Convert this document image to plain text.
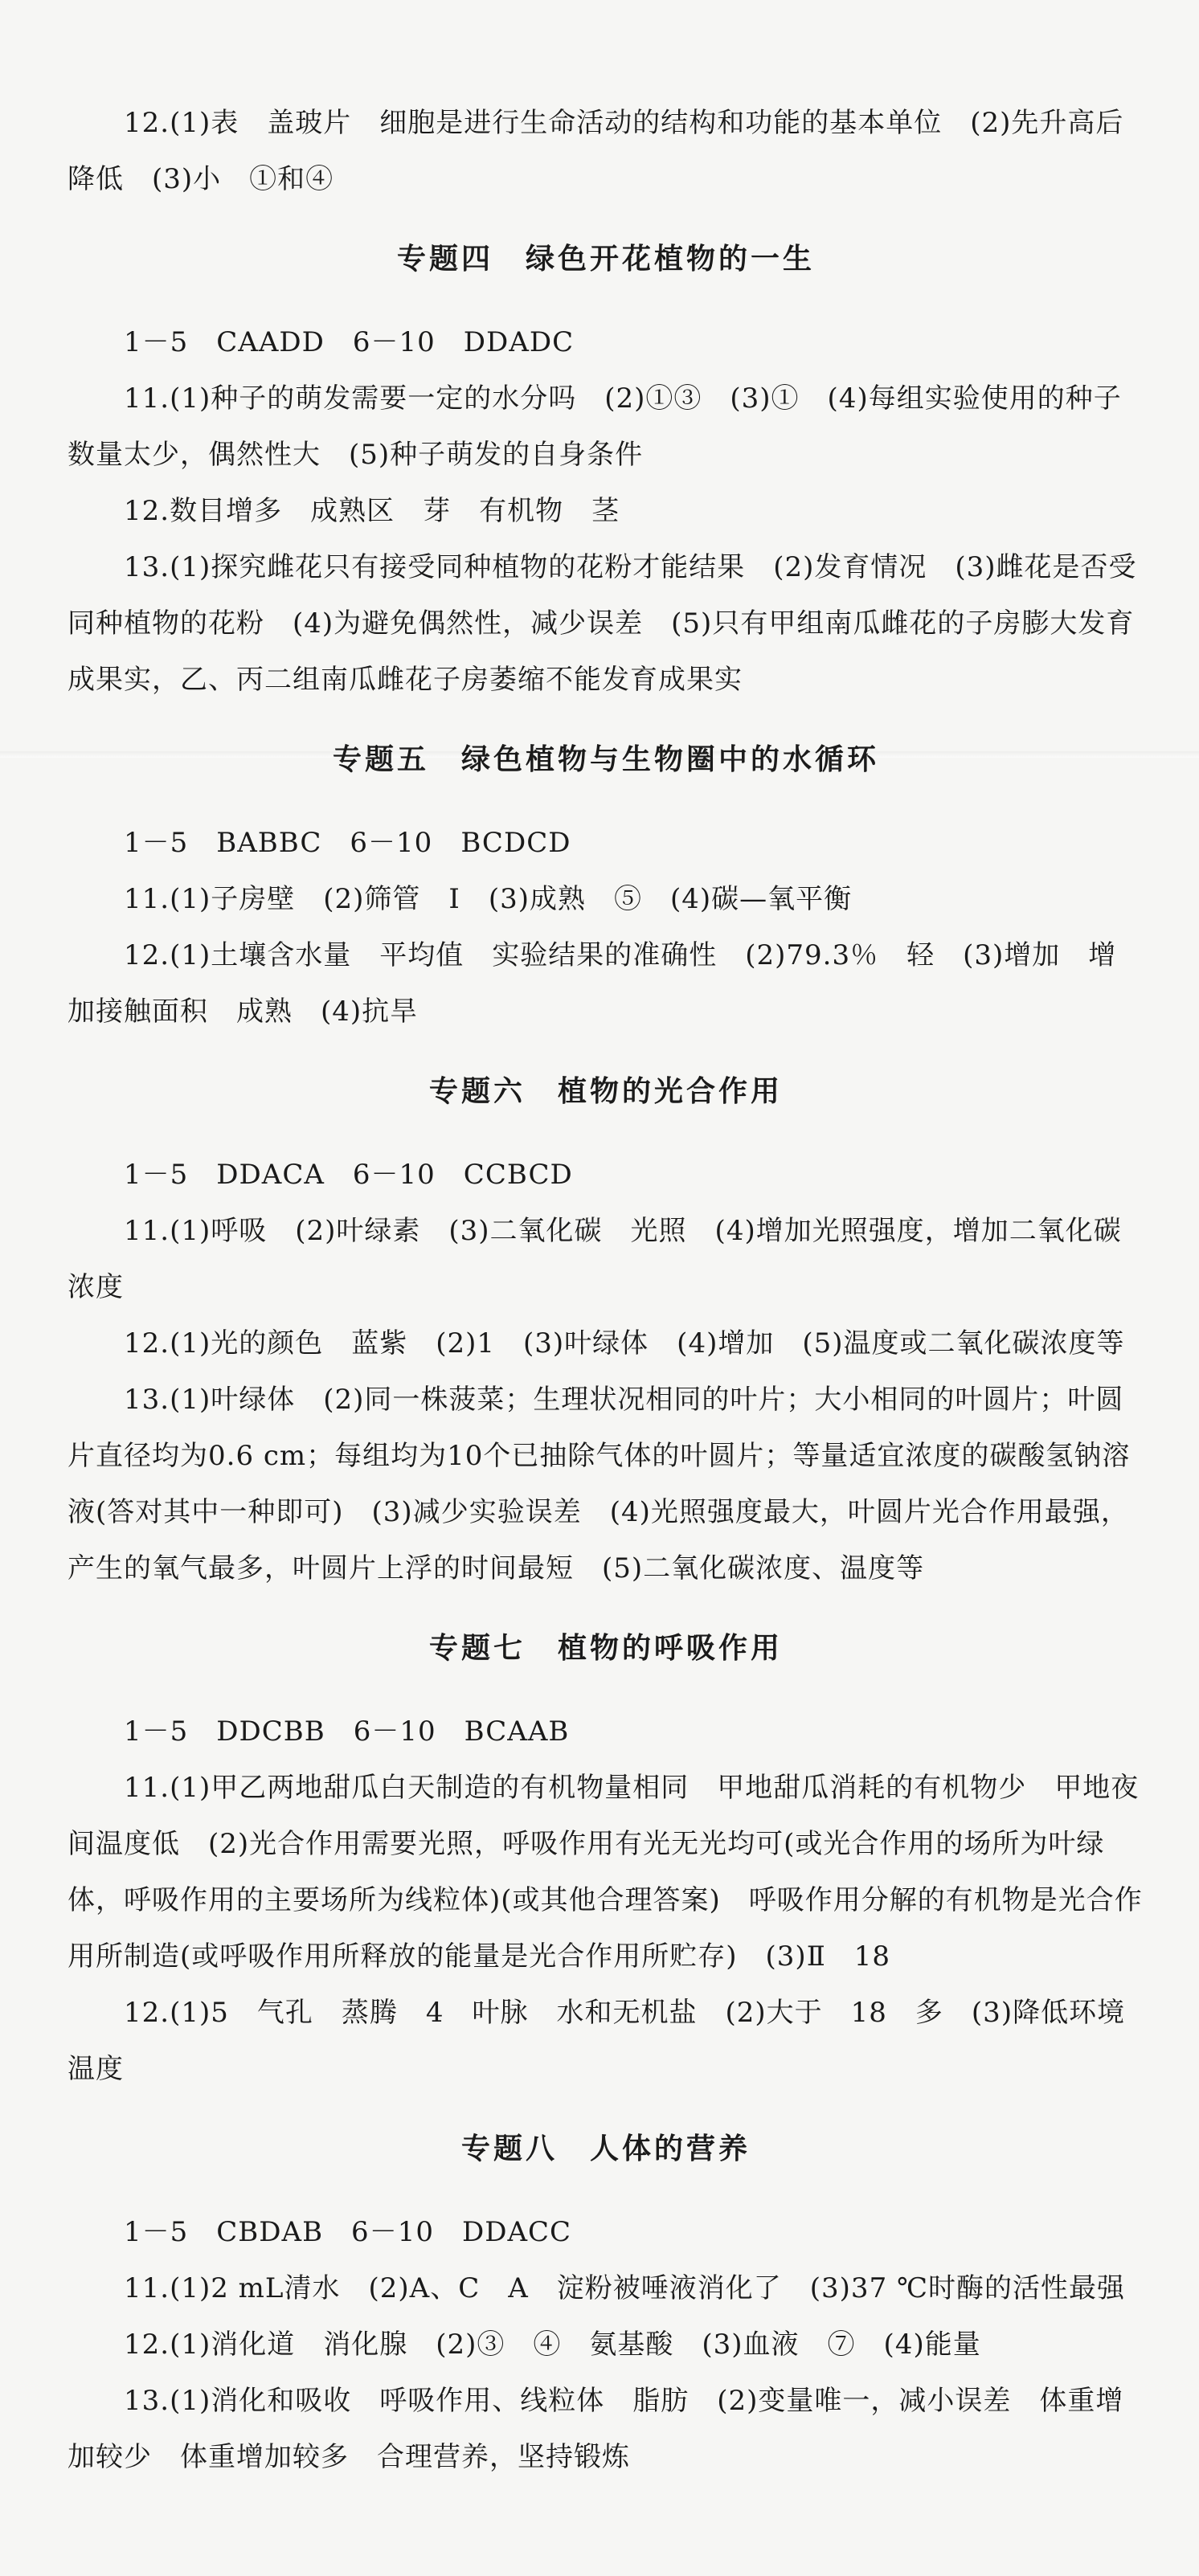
12.(1)表　盖玻片　细胞是进行生命活动的结构和功能的基本单位　(2)先升高后降低　(3)小　①和④

专题四　绿色开花植物的一生

1－5　CAADD　6－10　DDADC

11.(1)种子的萌发需要一定的水分吗　(2)①③　(3)①　(4)每组实验使用的种子数量太少，偶然性大　(5)种子萌发的自身条件

12.数目增多　成熟区　芽　有机物　茎

13.(1)探究雌花只有接受同种植物的花粉才能结果　(2)发育情况　(3)雌花是否受同种植物的花粉　(4)为避免偶然性，减少误差　(5)只有甲组南瓜雌花的子房膨大发育成果实，乙、丙二组南瓜雌花子房萎缩不能发育成果实

专题五　绿色植物与生物圈中的水循环

1－5　BABBC　6－10　BCDCD

11.(1)子房壁　(2)筛管　Ⅰ　(3)成熟　⑤　(4)碳—氧平衡

12.(1)土壤含水量　平均值　实验结果的准确性　(2)79.3％　轻　(3)增加　增加接触面积　成熟　(4)抗旱

专题六　植物的光合作用

1－5　DDACA　6－10　CCBCD

11.(1)呼吸　(2)叶绿素　(3)二氧化碳　光照　(4)增加光照强度，增加二氧化碳浓度

12.(1)光的颜色　蓝紫　(2)1　(3)叶绿体　(4)增加　(5)温度或二氧化碳浓度等

13.(1)叶绿体　(2)同一株菠菜；生理状况相同的叶片；大小相同的叶圆片；叶圆片直径均为0.6 cm；每组均为10个已抽除气体的叶圆片；等量适宜浓度的碳酸氢钠溶液(答对其中一种即可)　(3)减少实验误差　(4)光照强度最大，叶圆片光合作用最强，产生的氧气最多，叶圆片上浮的时间最短　(5)二氧化碳浓度、温度等

专题七　植物的呼吸作用

1－5　DDCBB　6－10　BCAAB

11.(1)甲乙两地甜瓜白天制造的有机物量相同　甲地甜瓜消耗的有机物少　甲地夜间温度低　(2)光合作用需要光照，呼吸作用有光无光均可(或光合作用的场所为叶绿体，呼吸作用的主要场所为线粒体)(或其他合理答案)　呼吸作用分解的有机物是光合作用所制造(或呼吸作用所释放的能量是光合作用所贮存)　(3)Ⅱ　18

12.(1)5　气孔　蒸腾　4　叶脉　水和无机盐　(2)大于　18　多　(3)降低环境温度

专题八　人体的营养

1－5　CBDAB　6－10　DDACC

11.(1)2 mL清水　(2)A、C　A　淀粉被唾液消化了　(3)37 ℃时酶的活性最强

12.(1)消化道　消化腺　(2)③　④　氨基酸　(3)血液　⑦　(4)能量

13.(1)消化和吸收　呼吸作用、线粒体　脂肪　(2)变量唯一，减小误差　体重增加较少　体重增加较多　合理营养，坚持锻炼
